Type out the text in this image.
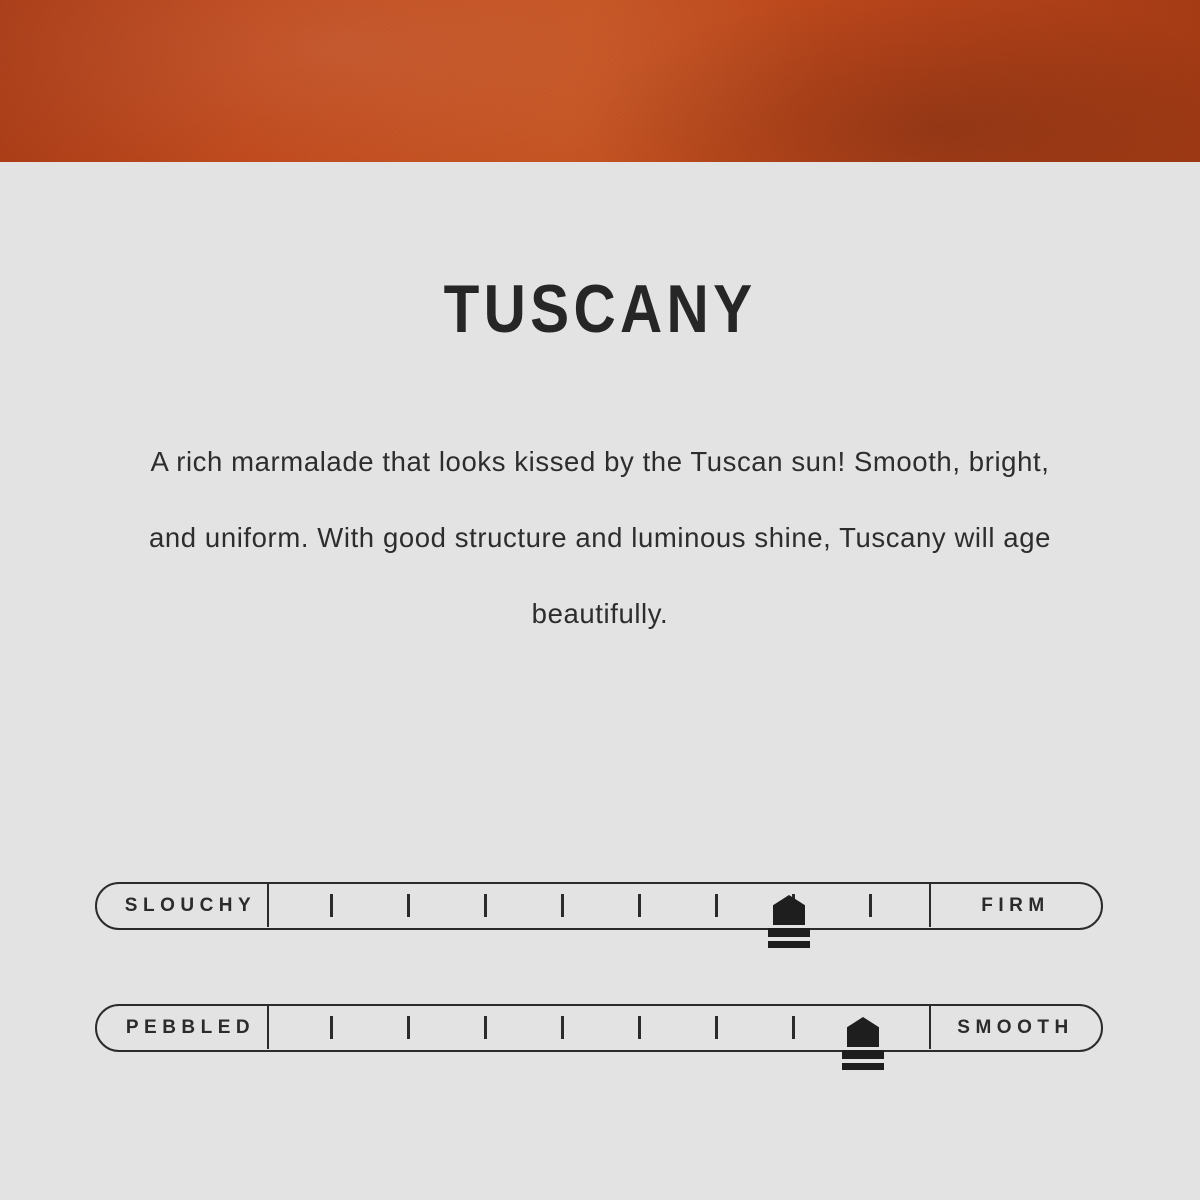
TUSCANY
A rich marmalade that looks kissed by the Tuscan sun! Smooth, bright, and uniform. With good structure and luminous shine, Tuscany will age beautifully.
SLOUCHY	FIRM
PEBBLED	SMOOTH
